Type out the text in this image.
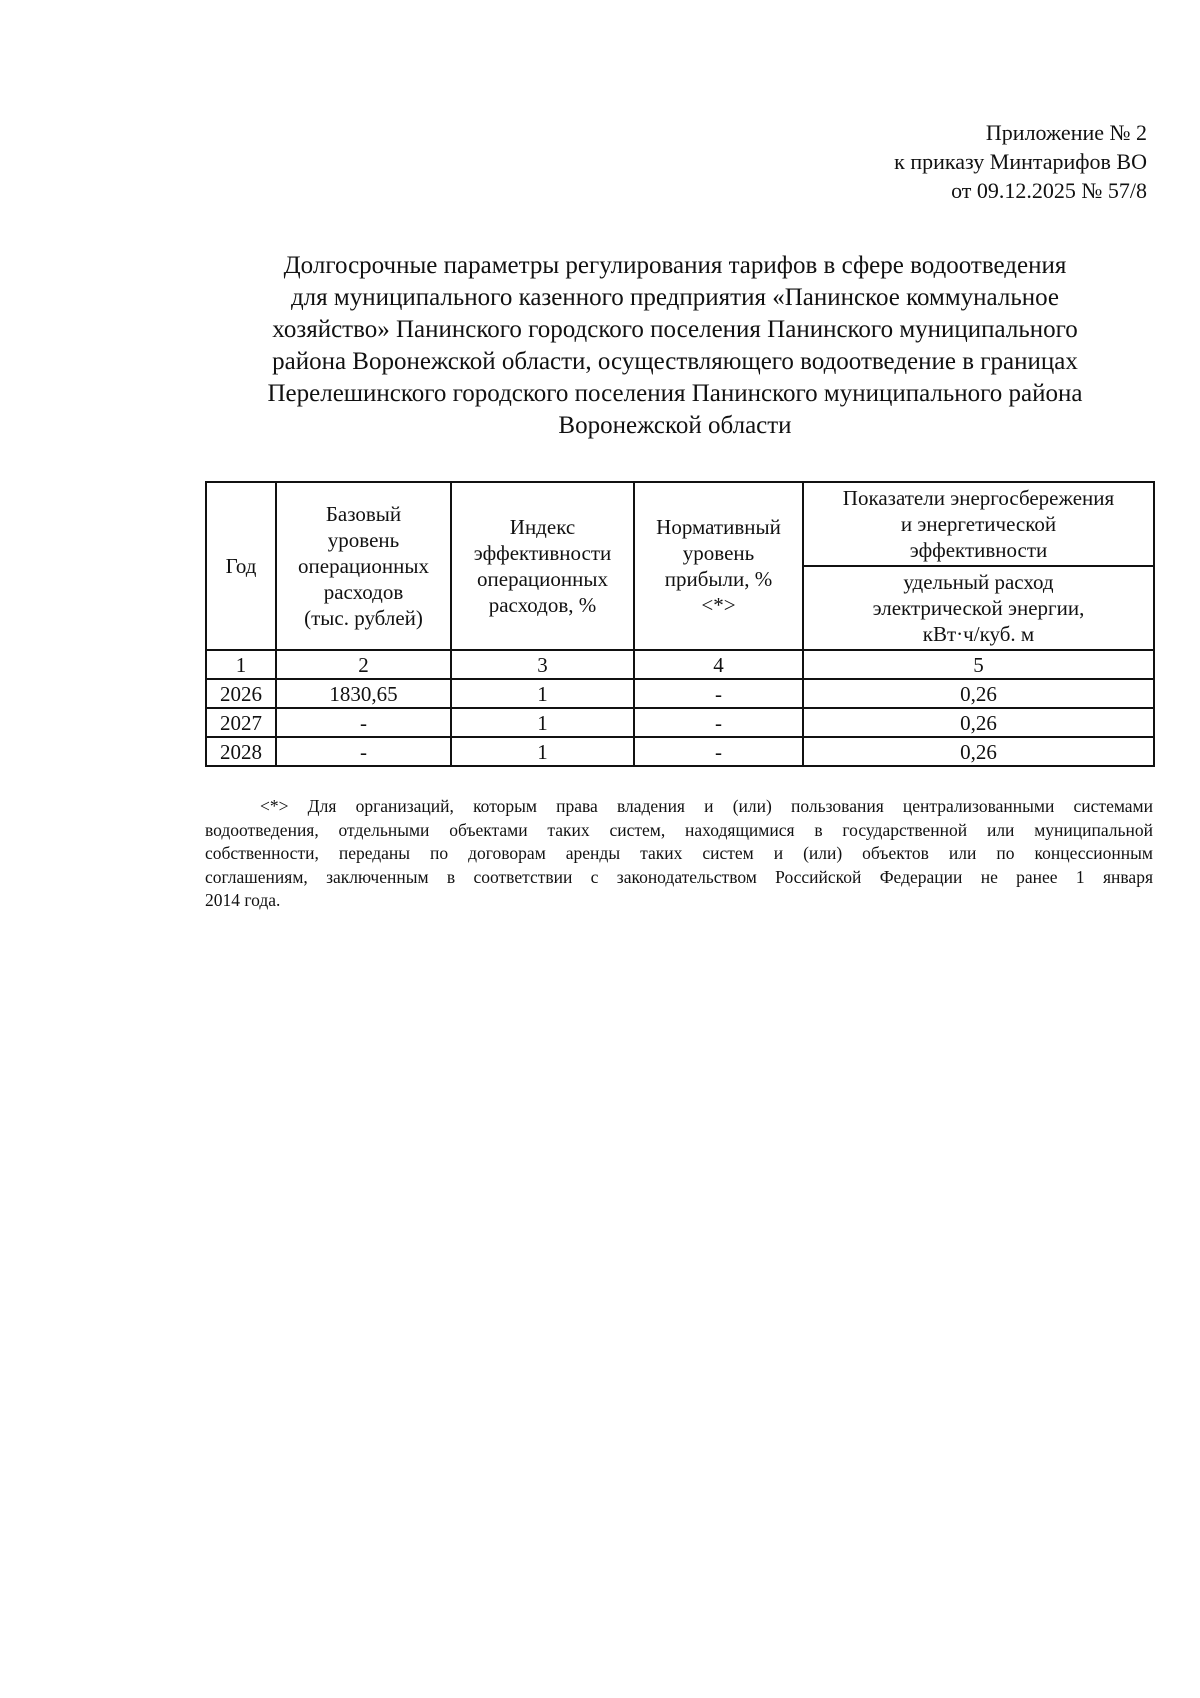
Приложение № 2
к приказу Минтарифов ВО
от 09.12.2025 № 57/8
Долгосрочные параметры регулирования тарифов в сфере водоотведения
для муниципального казенного предприятия «Панинское коммунальное
хозяйство» Панинского городского поселения Панинского муниципального
района Воронежской области, осуществляющего водоотведение в границах
Перелешинского городского поселения Панинского муниципального района
Воронежской области
Год	Базовый
уровень
операционных
расходов
(тыс. рублей)	Индекс
эффективности
операционных
расходов, %	Нормативный
уровень
прибыли, %
<*>	Показатели энергосбережения
и энергетической
эффективности
				удельный расход
электрической энергии,
кВт·ч/куб. м
1	2	3	4	5
2026	1830,65	1	-	0,26
2027	-	1	-	0,26
2028	-	1	-	0,26
<*> Для организаций, которым права владения и (или) пользования централизованными системами
водоотведения, отдельными объектами таких систем, находящимися в государственной или муниципальной
собственности, переданы по договорам аренды таких систем и (или) объектов или по концессионным
соглашениям, заключенным в соответствии с законодательством Российской Федерации не ранее 1 января
2014 года.
